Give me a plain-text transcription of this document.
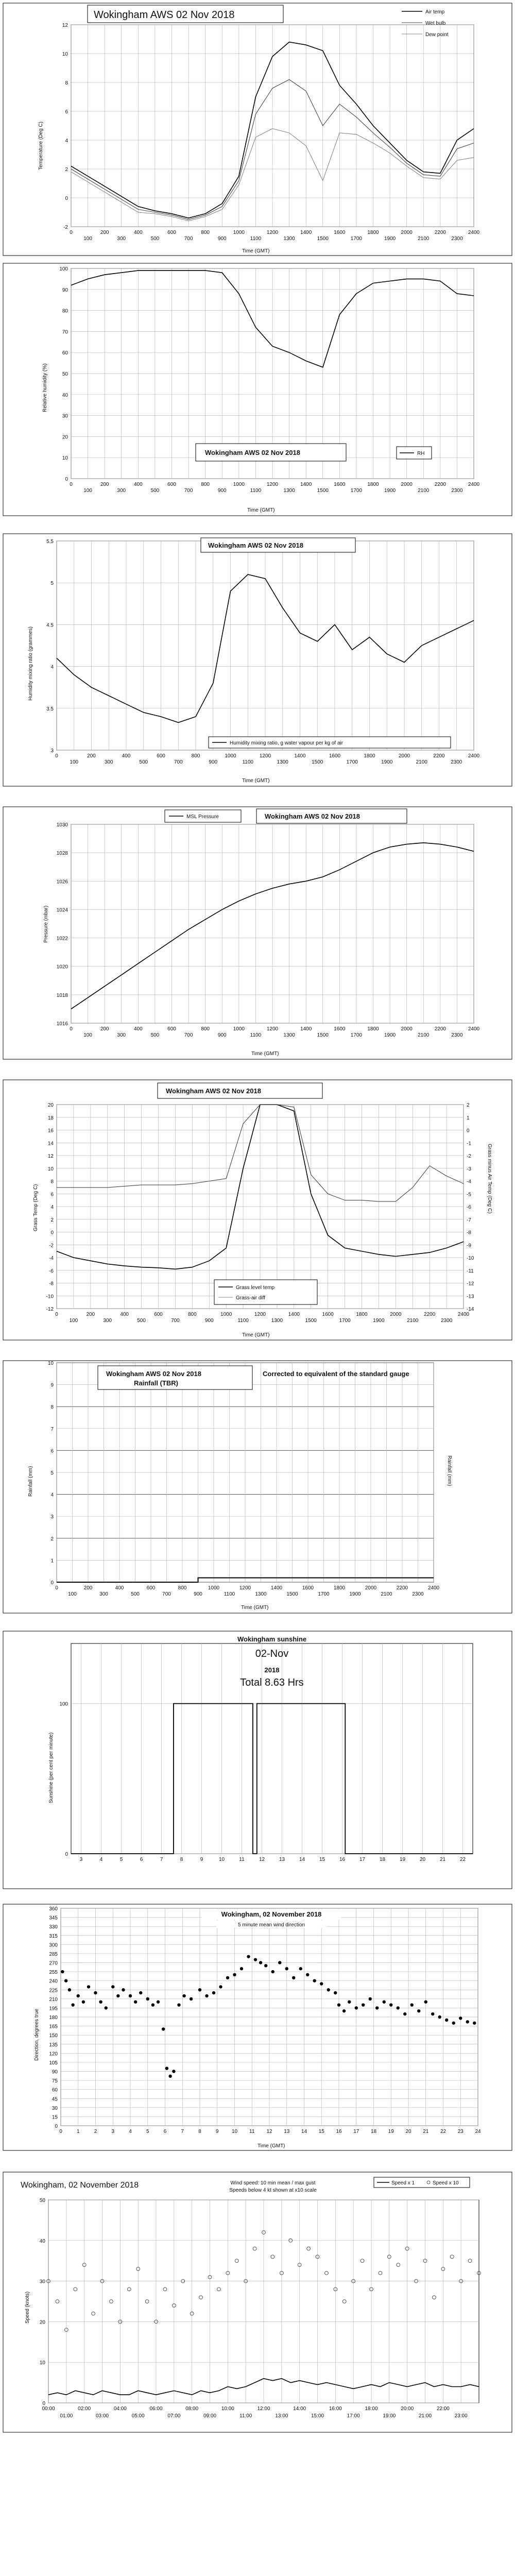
-2
0
2
4
6
8
10
12
0
100
200
300
400
500
600
700
800
900
1000
1100
1200
1300
1400
1500
1600
1700
1800
1900
2000
2100
2200
2300
2400
Wokingham AWS 02 Nov 2018	Air temp
Wet bulb
Dew point
Time (GMT)
Temperature (Deg C)
0
10
20
30
40
50
60
70
80
90
100
0
100
200
300
400
500
600
700
800
900
1000
1100
1200
1300
1400
1500
1600
1700
1800
1900
2000
2100
2200
2300
2400
Wokingham AWS 02 Nov 2018	RH
Time (GMT)
Relative humidity (%)
3
3.5
4
4.5
5
5.5
0
100
200
300
400
500
600
700
800
900
1000
1100
1200
1300
1400
1500
1600
1700
1800
1900
2000
2100
2200
2300
2400
Wokingham AWS 02 Nov 2018
Humidity mixing ratio, g water vapour per kg of air
Time (GMT)
Humidity mixing ratio (grammes)
1016
1018
1020
1022
1024
1026
1028
1030
0
100
200
300
400
500
600
700
800
900
1000
1100
1200
1300
1400
1500
1600
1700
1800
1900
2000
2100
2200
2300
2400
MSL Pressure	Wokingham AWS 02 Nov 2018
Time (GMT)
Pressure (mbar)
-12
-10
-8
-6
-4
-2
0
2
4
6
8
10
12
14
16
18
20
-14
-13
-12
-11
-10
-9
-8
-7
-6
-5
-4
-3
-2
-1
0
1
2
0
100
200
300
400
500
600
700
800
900
1000
1100
1200
1300
1400
1500
1600
1700
1800
1900
2000
2100
2200
2300
2400
Wokingham AWS 02 Nov 2018
Grass level temp
Grass-air diff
Time (GMT)
Grass Temp (Deg C)	Grass minus Air Temp (Deg C)
0
1
2
3
4
5
6
7
8
9
10
0
100
200
300
400
500
600
700
800
900
1000
1100
1200
1300
1400
1500
1600
1700
1800
1900
2000
2100
2200
2300
2400
Wokingham AWS 02 Nov 2018
Rainfall (TBR)
Corrected to equivalent of the standard gauge
Time (GMT)
Rainfall (mm)	Rainfall (mm)
0
100
3	4	5	6	7	8	9	10	11	12	13	14	15	16	17	18	19	20	21	22
Wokingham sunshine
02-Nov
2018
Total 8.63 Hrs
Sunshine (per cent per minute)
0
15
30
45
60
75
90
105
120
135
150
165
180
195
210
225
240
255
270
285
300
315
330
345
360
0	1	2	3	4	5	6	7	8	9	10 11 12 13 14 15 16 17 18 19 20 21 22 23 24
Wokingham, 02 November 2018
5 minute mean wind direction
Time (GMT)
Direction, degrees true
0
10
20
30
40
50
00:00	02:00	04:00	06:00	08:00	10:00	12:00	14:00	16:00	18:00	20:00	22:00
01:00	03:00	05:00	07:00	09:00	11:00	13:00	15:00	17:00	19:00	21:00	23:00
Wokingham, 02 November 2018	Wind speed: 10 min mean / max gust
Speeds below 4 kt shown at x10 scale
Speed x 1	Speed x 10
Speed (knots)
